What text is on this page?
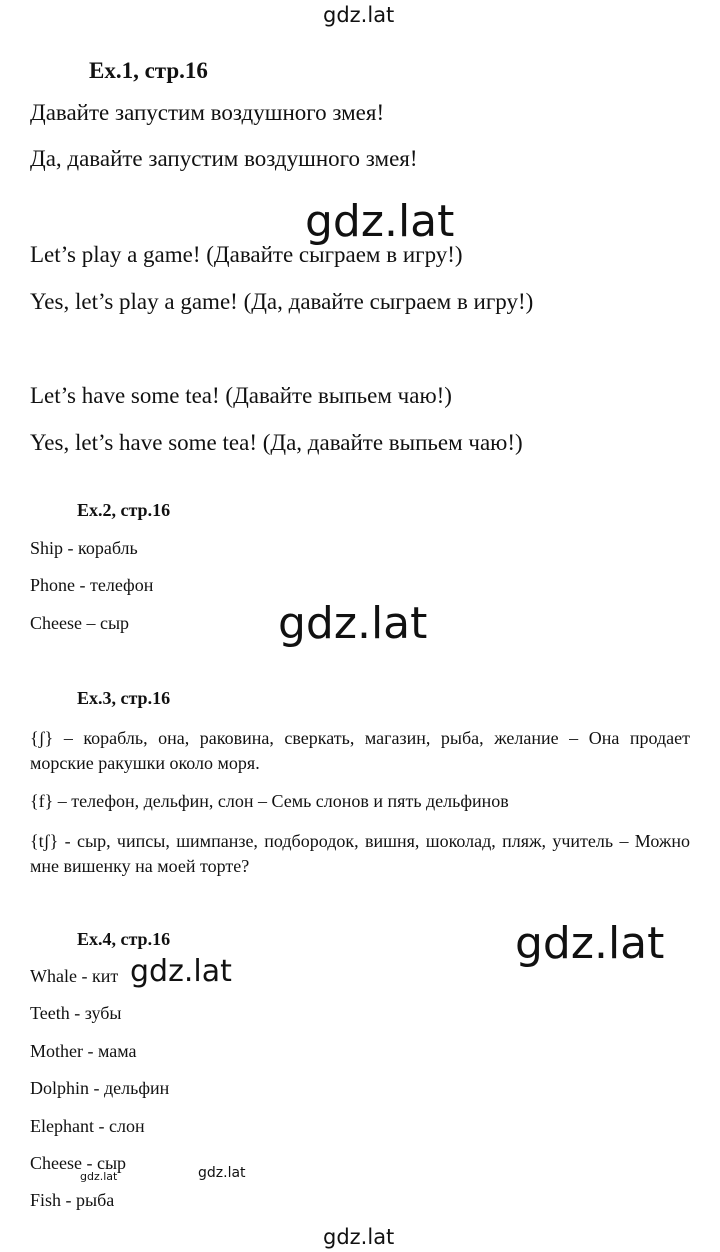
gdz.lat
Ex.1, стр.16
Давайте запустим воздушного змея!
Да, давайте запустим воздушного змея!
gdz.lat
Let’s play a game! (Давайте сыграем в игру!)
Yes, let’s play a game! (Да, давайте сыграем в игру!)
Let’s have some tea! (Давайте выпьем чаю!)
Yes, let’s have some tea! (Да, давайте выпьем чаю!)
Ex.2, стр.16
Ship - корабль
Phone - телефон
Cheese – сыр	gdz.lat
Ex.3, стр.16
{ʃ} – корабль, она, раковина, сверкать, магазин, рыба, желание – Она продает морские ракушки около моря.
{f} – телефон, дельфин, слон – Семь слонов и пять дельфинов
{tʃ} - сыр, чипсы, шимпанзе, подбородок, вишня, шоколад, пляж, учитель – Можно мне вишенку на моей торте?
Ex.4, стр.16	gdz.lat
Whale - кит gdz.lat
Teeth - зубы
Mother - мама
Dolphin - дельфин
Elephant - слон
Cheese - сыр
gdz.lat	gdz.lat
Fish - рыба
gdz.lat
